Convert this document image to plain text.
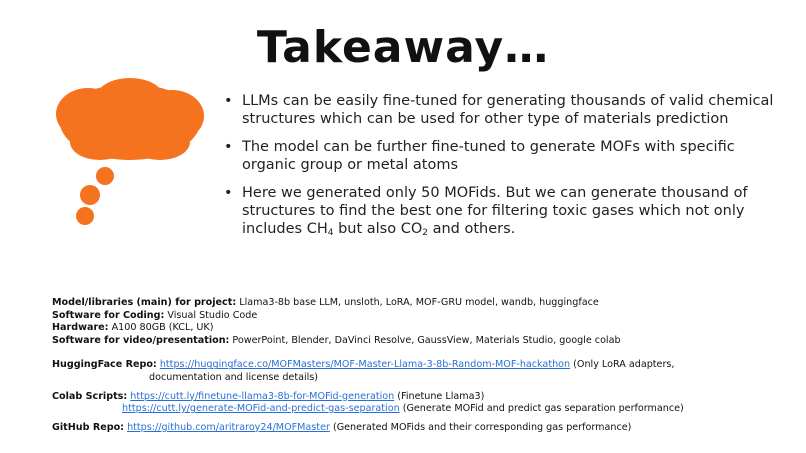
Takeaway…
• LLMs can be easily fine-tuned for generating thousands of valid chemical structures which can be used for other type of materials prediction
• The model can be further fine-tuned to generate MOFs with specific organic group or metal atoms
• Here we generated only 50 MOFids. But we can generate thousand of structures to find the best one for filtering toxic gases which not only includes $CH_4$ but also $CO_2$ and others.
Model/libraries (main) for project: Llama3-8b base LLM, unsloth, LoRA, MOF-GRU model, wandb, huggingface
Software for Coding: Visual Studio Code
Hardware: A100 80GB (KCL, UK)
Software for video/presentation: PowerPoint, Blender, DaVinci Resolve, GaussView, Materials Studio, google colab
HuggingFace Repo: https://huggingface.co/MOFMasters/MOF-Master-Llama-3-8b-Random-MOF-hackathon (Only LoRA adapters,
documentation and license details)
Colab Scripts: https://cutt.ly/finetune-llama3-8b-for-MOFid-generation (Finetune Llama3)
https://cutt.ly/generate-MOFid-and-predict-gas-separation (Generate MOFid and predict gas separation performance)
GitHub Repo: https://github.com/aritraroy24/MOFMaster (Generated MOFids and their corresponding gas performance)
